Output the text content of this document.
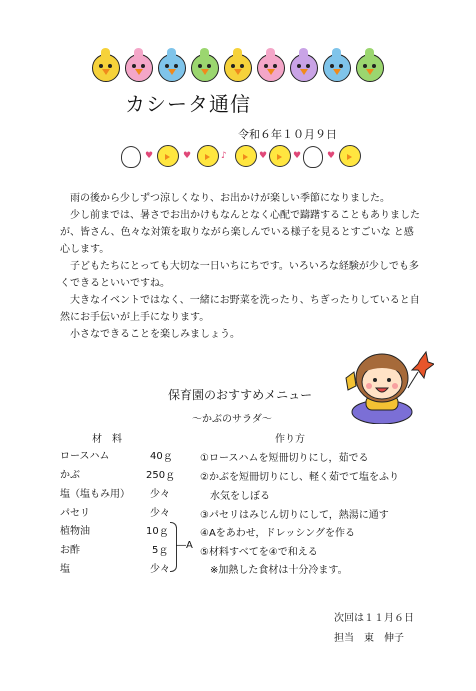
カシータ通信
令和６年１０月９日
♥	♥	♪	♥	♥	♥

　雨の後から少しずつ涼しくなり、お出かけが楽しい季節になりました。

　少し前までは、暑さでお出かけもなんとなく心配で躊躇することもありましたが、皆さん、色々な対策を取りながら楽しんでいる様子を見るとすごいな と感心します。

　子どもたちにとっても大切な一日いちにちです。いろいろな経験が少しでも多くできるといいですね。

　大きなイベントではなく、一緒にお野菜を洗ったり、ちぎったりしていると自然にお手伝いが上手になります。

　小さなできることを楽しみましょう。

保育園のおすすめメニュー
～かぶのサラダ～
材　料	作り方
ロースハム	40ｇ
かぶ	250ｇ
塩（塩もみ用） 少々
パセリ	少々
植物油	10ｇ
お酢	5ｇ
塩	少々
―A
①ロースハムを短冊切りにし，茹でる
②かぶを短冊切りにし、軽く茹でて塩をふり
　水気をしぼる
③パセリはみじん切りにして，熱湯に通す
④Aをあわせ，ドレッシングを作る
⑤材料すべてを④で和える
　※加熱した食材は十分冷ます。
次回は１１月６日
担当　東　伸子
